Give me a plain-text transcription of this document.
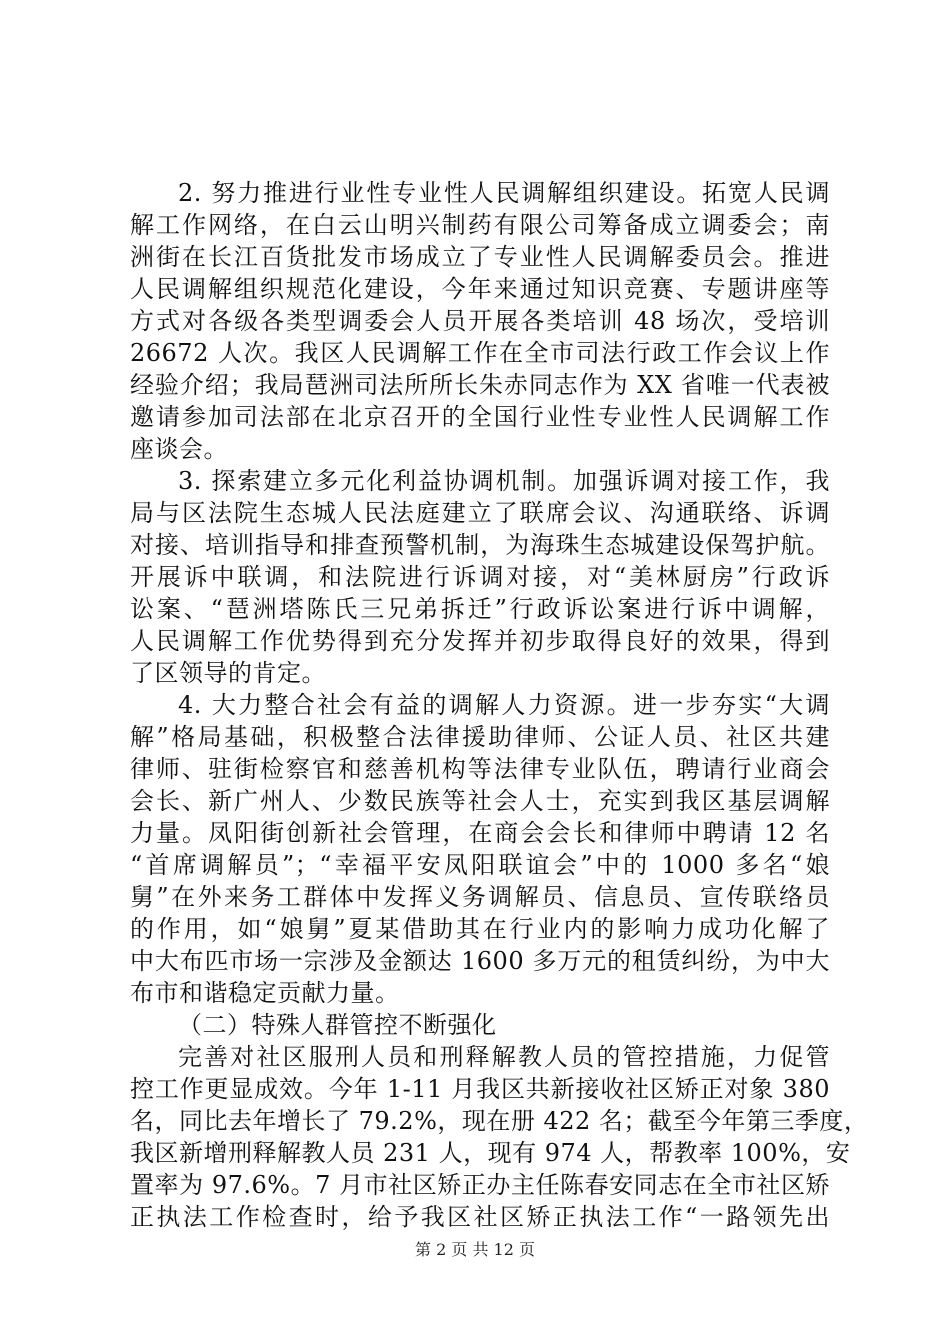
2. 努力推进行业性专业性人民调解组织建设。拓宽人民调
解工作网络，在白云山明兴制药有限公司筹备成立调委会；南
洲街在长江百货批发市场成立了专业性人民调解委员会。推进
人民调解组织规范化建设，今年来通过知识竞赛、专题讲座等
方式对各级各类型调委会人员开展各类培训 48 场次，受培训
26672 人次。我区人民调解工作在全市司法行政工作会议上作
经验介绍；我局琶洲司法所所长朱赤同志作为 XX 省唯一代表被
邀请参加司法部在北京召开的全国行业性专业性人民调解工作
座谈会。
3. 探索建立多元化利益协调机制。加强诉调对接工作，我
局与区法院生态城人民法庭建立了联席会议、沟通联络、诉调
对接、培训指导和排查预警机制，为海珠生态城建设保驾护航。
开展诉中联调，和法院进行诉调对接，对“美林厨房”行政诉
讼案、“琶洲塔陈氏三兄弟拆迁”行政诉讼案进行诉中调解，
人民调解工作优势得到充分发挥并初步取得良好的效果，得到
了区领导的肯定。
4. 大力整合社会有益的调解人力资源。进一步夯实“大调
解”格局基础，积极整合法律援助律师、公证人员、社区共建
律师、驻街检察官和慈善机构等法律专业队伍，聘请行业商会
会长、新广州人、少数民族等社会人士，充实到我区基层调解
力量。凤阳街创新社会管理，在商会会长和律师中聘请 12 名
“首席调解员”；“幸福平安凤阳联谊会”中的 1000 多名“娘
舅”在外来务工群体中发挥义务调解员、信息员、宣传联络员
的作用，如“娘舅”夏某借助其在行业内的影响力成功化解了
中大布匹市场一宗涉及金额达 1600 多万元的租赁纠纷，为中大
布市和谐稳定贡献力量。
（二）特殊人群管控不断强化
完善对社区服刑人员和刑释解教人员的管控措施，力促管
控工作更显成效。今年 1-11 月我区共新接收社区矫正对象 380
名，同比去年增长了 79.2%，现在册 422 名；截至今年第三季度，
我区新增刑释解教人员 231 人，现有 974 人，帮教率 100%，安
置率为 97.6%。7 月市社区矫正办主任陈春安同志在全市社区矫
正执法工作检查时，给予我区社区矫正执法工作“一路领先出
第 2 页 共 12 页
